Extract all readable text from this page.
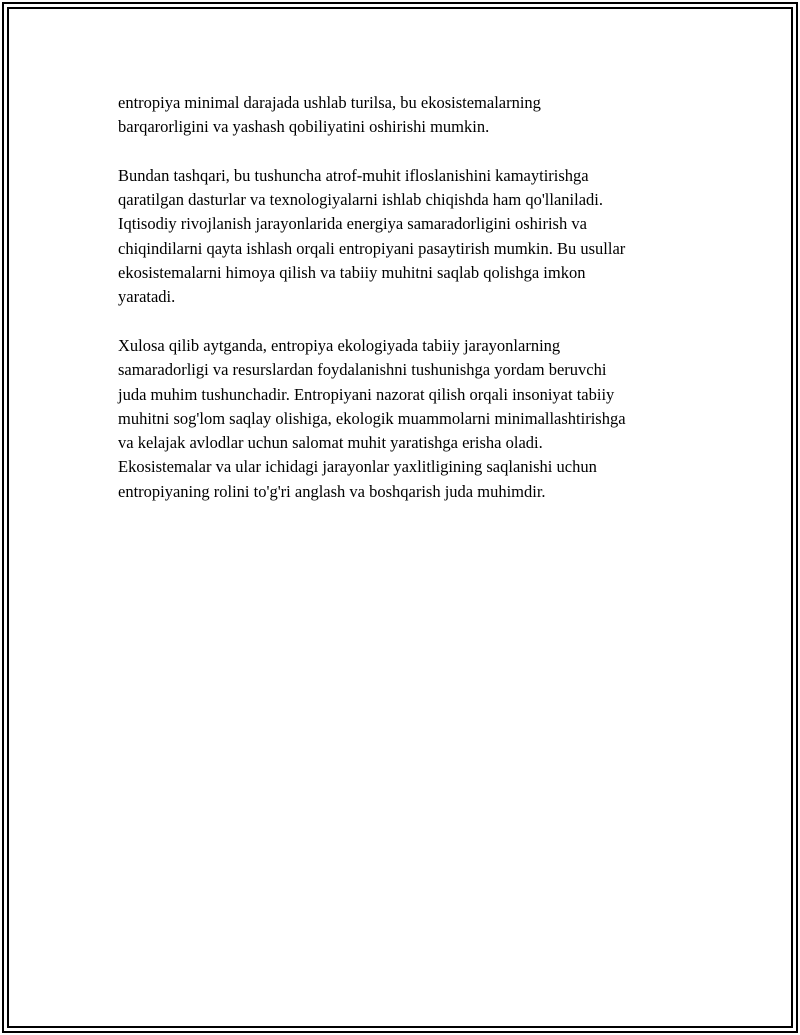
entropiya minimal darajada ushlab turilsa, bu ekosistemalarning
barqarorligini va yashash qobiliyatini oshirishi mumkin.
Bundan tashqari, bu tushuncha atrof-muhit ifloslanishini kamaytirishga
qaratilgan dasturlar va texnologiyalarni ishlab chiqishda ham qo'llaniladi.
Iqtisodiy rivojlanish jarayonlarida energiya samaradorligini oshirish va
chiqindilarni qayta ishlash orqali entropiyani pasaytirish mumkin. Bu usullar
ekosistemalarni himoya qilish va tabiiy muhitni saqlab qolishga imkon
yaratadi.
Xulosa qilib aytganda, entropiya ekologiyada tabiiy jarayonlarning
samaradorligi va resurslardan foydalanishni tushunishga yordam beruvchi
juda muhim tushunchadir. Entropiyani nazorat qilish orqali insoniyat tabiiy
muhitni sog'lom saqlay olishiga, ekologik muammolarni minimallashtirishga
va kelajak avlodlar uchun salomat muhit yaratishga erisha oladi.
Ekosistemalar va ular ichidagi jarayonlar yaxlitligining saqlanishi uchun
entropiyaning rolini to'g'ri anglash va boshqarish juda muhimdir.
